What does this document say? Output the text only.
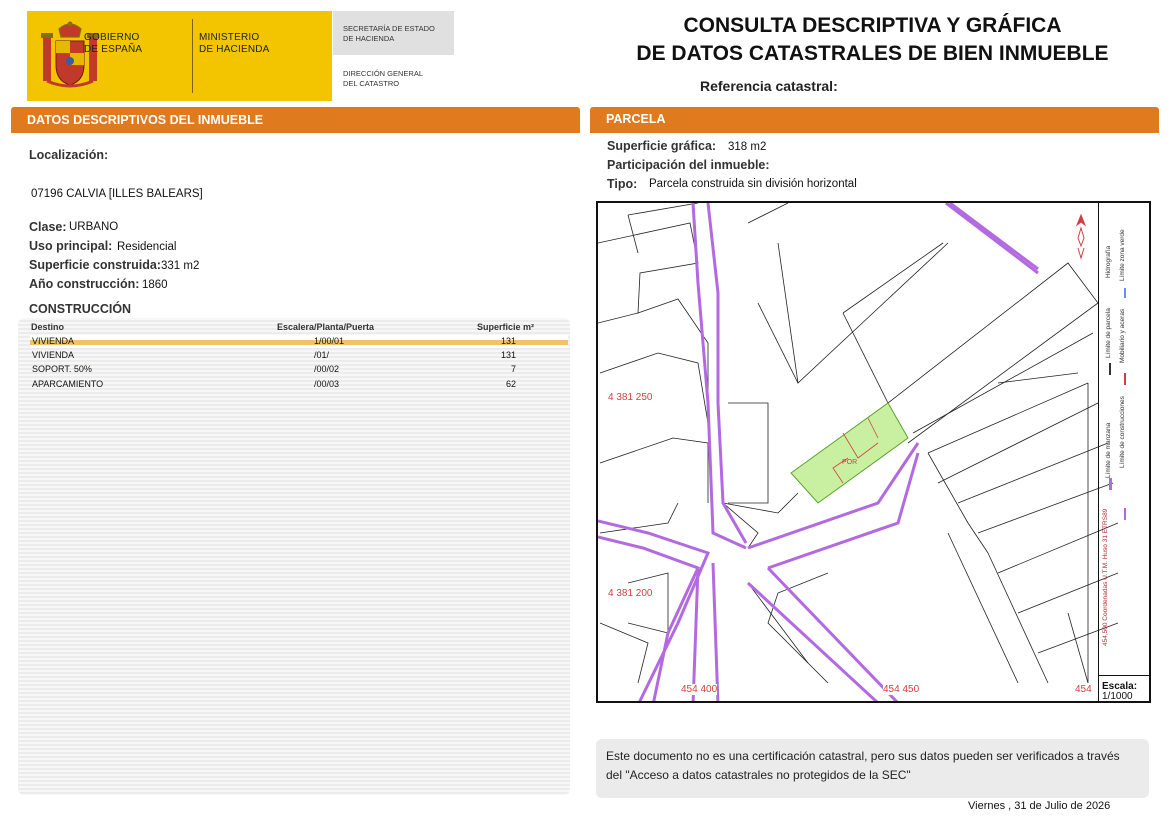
GOBIERNO
DE ESPAÑA
MINISTERIO
DE HACIENDA
SECRETARÍA DE ESTADO
DE HACIENDA
DIRECCIÓN GENERAL
DEL CATASTRO
CONSULTA DESCRIPTIVA Y GRÁFICA
DE DATOS CATASTRALES DE BIEN INMUEBLE
Referencia catastral:
DATOS DESCRIPTIVOS DEL INMUEBLE	PARCELA
Localización:
07196 CALVIA [ILLES BALEARS]
Clase: URBANO
Uso principal: Residencial
Superficie construida: 331 m2
Año construcción: 1860
CONSTRUCCIÓN
Destino	Escalera/Planta/Puerta	Superficie m²
VIVIENDA	1/00/01	131
VIVIENDA	/01/	131
SOPORT. 50%	/00/02	7
APARCAMIENTO	/00/03	62
Superficie gráfica: 318 m2
Participación del inmueble:
Tipo: Parcela construida sin división horizontal
4 381 250
4 381 200
454 400	454 450	454
POR
454,500 Coordenadas U.T.M. Huso 31 ETRS89
Límite de manzana
Límite de parcela
Hidrografía
Límite de construcciones
Mobiliario y aceras
Límite zona verde
Escala:
1/1000
Este documento no es una certificación catastral, pero sus datos pueden ser verificados a través del "Acceso a datos catastrales no protegidos de la SEC"
Viernes , 31 de Julio de 2026
